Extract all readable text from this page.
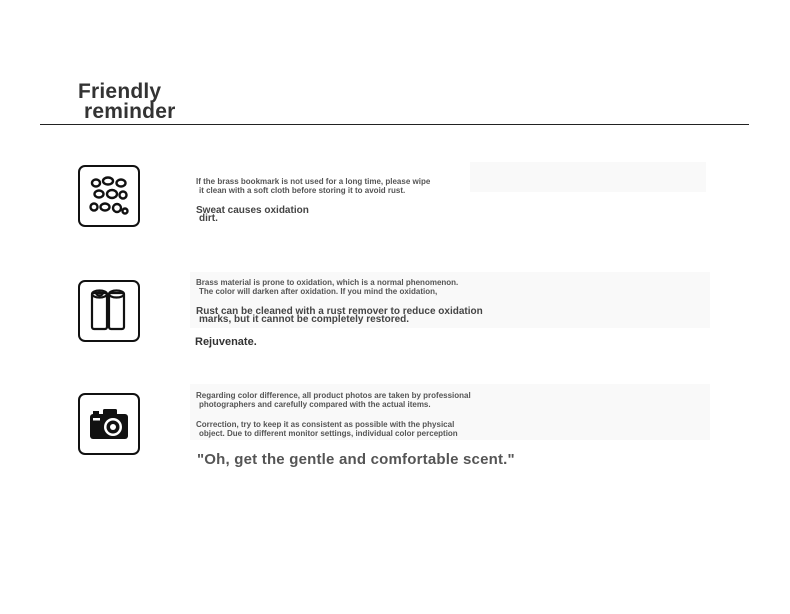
Friendly
reminder
If the brass bookmark is not used for a long time, please wipe
it clean with a soft cloth before storing it to avoid rust.
Sweat causes oxidation
dirt.
Brass material is prone to oxidation, which is a normal phenomenon.
The color will darken after oxidation. If you mind the oxidation,
Rust can be cleaned with a rust remover to reduce oxidation
marks, but it cannot be completely restored.
Rejuvenate.
Regarding color difference, all product photos are taken by professional
photographers and carefully compared with the actual items.
Correction, try to keep it as consistent as possible with the physical
object. Due to different monitor settings, individual color perception
"Oh, get the gentle and comfortable scent."
